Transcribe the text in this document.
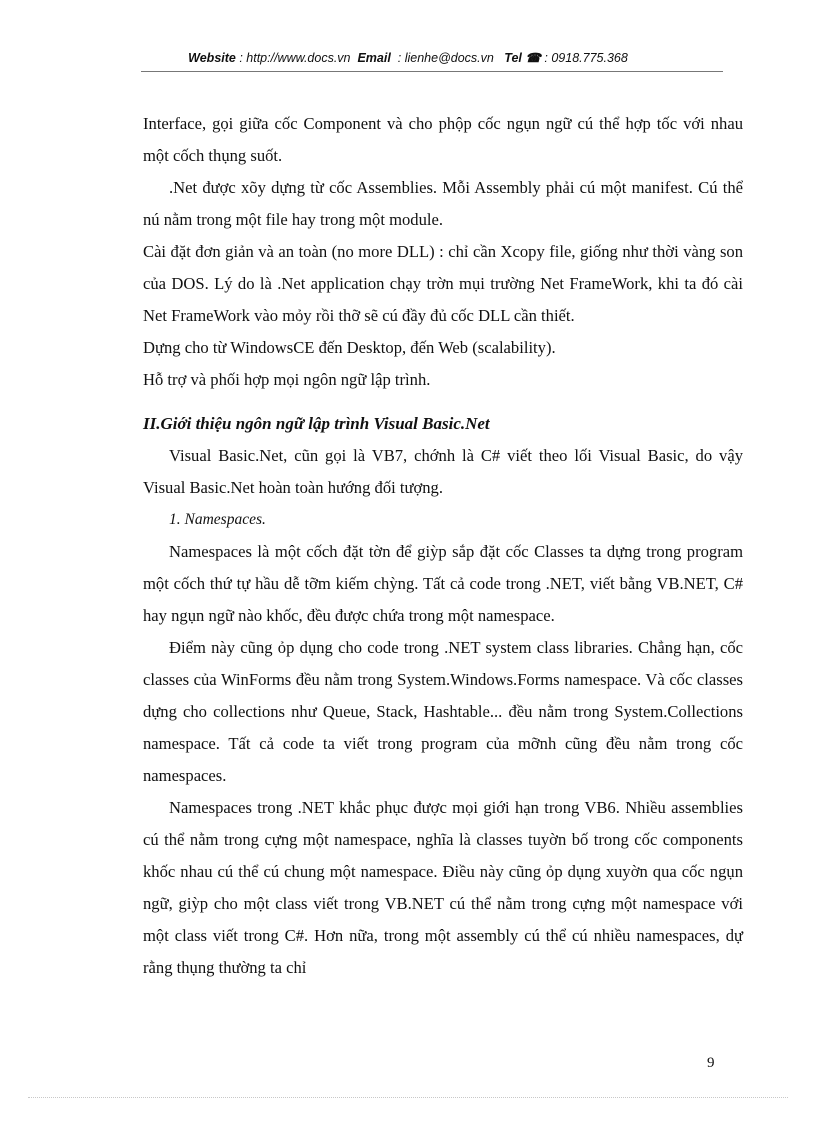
Website : http://www.docs.vn Email : lienhe@docs.vn Tel ☎ : 0918.775.368

Interface, gọi giữa cốc Component và cho phộp cốc ngụn ngữ cú thể hợp tốc với nhau một cốch thụng suốt.

.Net được xõy dựng từ cốc Assemblies. Mỗi Assembly phải cú một manifest. Cú thể nú nằm trong một file hay trong một module.

Cài đặt đơn giản và an toàn (no more DLL) : chỉ cần Xcopy file, giống như thời vàng son của DOS. Lý do là .Net application chạy trờn mụi trường Net FrameWork, khi ta đó cài Net FrameWork vào mỏy rồi thỡ sẽ cú đầy đủ cốc DLL cần thiết.

Dựng cho từ WindowsCE đến Desktop, đến Web (scalability).

Hỗ trợ và phối hợp mọi ngôn ngữ lập trình.

II.Giới thiệu ngôn ngữ lập trình Visual Basic.Net

Visual Basic.Net, cũn gọi là VB7, chớnh là C# viết theo lối Visual Basic, do vậy Visual Basic.Net hoàn toàn hướng đối tượng.

1. Namespaces.

Namespaces là một cốch đặt tờn để giỳp sắp đặt cốc Classes ta dựng trong program một cốch thứ tự hầu dễ tỡm kiếm chỳng. Tất cả code trong .NET, viết bằng VB.NET, C# hay ngụn ngữ nào khốc, đều được chứa trong một namespace.

Điểm này cũng ỏp dụng cho code trong .NET system class libraries. Chẳng hạn, cốc classes của WinForms đều nằm trong System.Windows.Forms namespace. Và cốc classes dựng cho collections như Queue, Stack, Hashtable... đều nằm trong System.Collections namespace. Tất cả code ta viết trong program của mỡnh cũng đều nằm trong cốc namespaces.

Namespaces trong .NET khắc phục được mọi giới hạn trong VB6. Nhiều assemblies cú thể nằm trong cựng một namespace, nghĩa là classes tuyờn bố trong cốc components khốc nhau cú thể cú chung một namespace. Điều này cũng ỏp dụng xuyờn qua cốc ngụn ngữ, giỳp cho một class viết trong VB.NET cú thể nằm trong cựng một namespace với một class viết trong C#. Hơn nữa, trong một assembly cú thể cú nhiều namespaces, dự rằng thụng thường ta chỉ

9
